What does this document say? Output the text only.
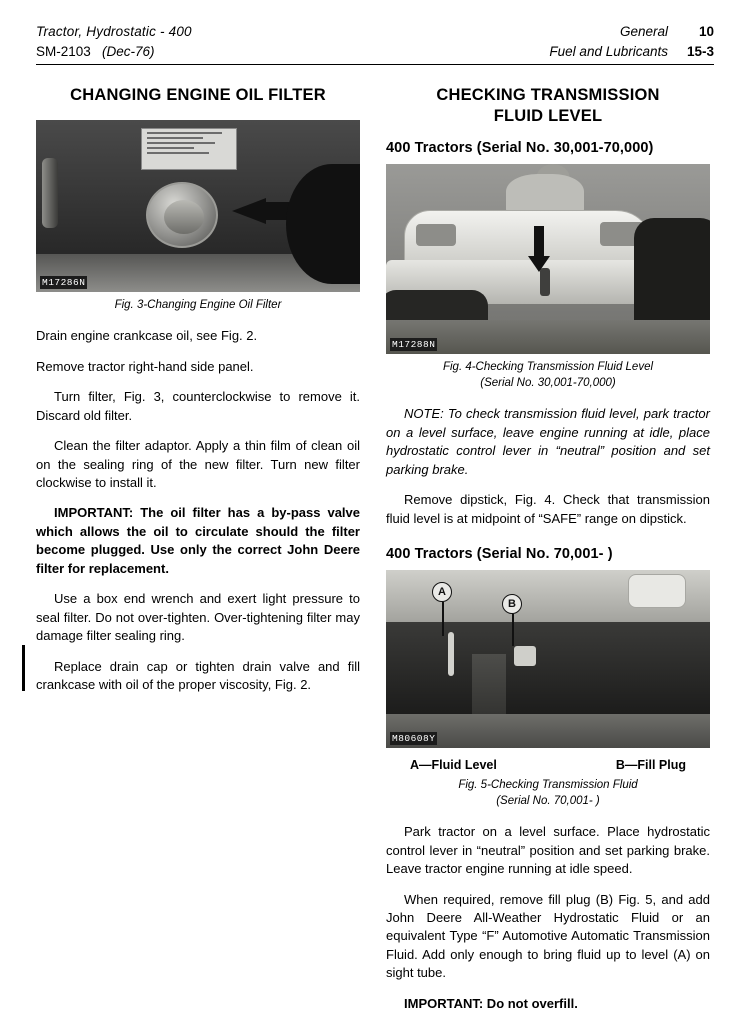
Tractor, Hydrostatic - 400
SM-2103 (Dec-76)
General	10
Fuel and Lubricants	15-3
CHANGING ENGINE OIL FILTER
M17286N
Fig. 3-Changing Engine Oil Filter

Drain engine crankcase oil, see Fig. 2.

Remove tractor right-hand side panel.

Turn filter, Fig. 3, counterclockwise to remove it. Discard old filter.

Clean the filter adaptor. Apply a thin film of clean oil on the sealing ring of the new filter. Turn new filter clockwise to install it.

IMPORTANT: The oil filter has a by-pass valve which allows the oil to circulate should the filter become plugged. Use only the correct John Deere filter for replacement.

Use a box end wrench and exert light pressure to seal filter. Do not over-tighten. Over-tightening filter may damage filter sealing ring.

Replace drain cap or tighten drain valve and fill crankcase with oil of the proper viscosity, Fig. 2.

CHECKING TRANSMISSION
FLUID LEVEL
400 Tractors (Serial No. 30,001-70,000)
M17288N
Fig. 4-Checking Transmission Fluid Level
(Serial No. 30,001-70,000)

NOTE: To check transmission fluid level, park tractor on a level surface, leave engine running at idle, place hydrostatic control lever in “neutral” position and set parking brake.

Remove dipstick, Fig. 4. Check that transmission fluid level is at midpoint of “SAFE” range on dipstick.

400 Tractors (Serial No. 70,001- )
A
B
M80608Y
A—Fluid Level	B—Fill Plug
Fig. 5-Checking Transmission Fluid
(Serial No. 70,001- )

Park tractor on a level surface. Place hydrostatic control lever in “neutral” position and set parking brake. Leave tractor engine running at idle speed.

When required, remove fill plug (B) Fig. 5, and add John Deere All-Weather Hydrostatic Fluid or an equivalent Type “F” Automotive Automatic Transmission Fluid. Add only enough to bring fluid up to level (A) on sight tube.

IMPORTANT: Do not overfill.
